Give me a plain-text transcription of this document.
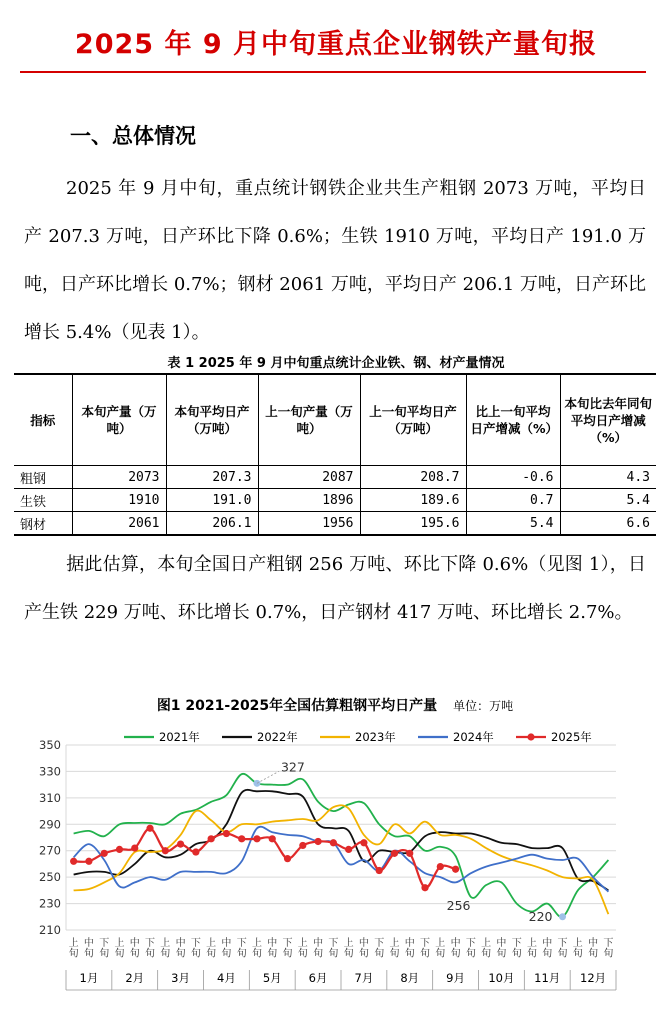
2025 年 9 月中旬重点企业钢铁产量旬报
一、总体情况

2025 年 9 月中旬，重点统计钢铁企业共生产粗钢 2073 万吨，平均日产 207.3 万吨，日产环比下降 0.6%；生铁 1910 万吨，平均日产 191.0 万吨，日产环比增长 0.7%；钢材 2061 万吨，平均日产 206.1 万吨，日产环比增长 5.4%（见表 1）。

表 1 2025 年 9 月中旬重点统计企业铁、钢、材产量情况
指标	本旬产量（万吨）	本旬平均日产（万吨）	上一旬产量（万吨）	上一旬平均日产（万吨）	比上一旬平均日产增减（%）	本旬比去年同旬平均日产增减（%）
粗钢	2073	207.3	2087	208.7	-0.6	4.3
生铁	1910	191.0	1896	189.6	0.7	5.4
钢材	2061	206.1	1956	195.6	5.4	6.6

据此估算，本旬全国日产粗钢 256 万吨、环比下降 0.6%（见图 1），日产生铁 229 万吨、环比增长 0.7%，日产钢材 417 万吨、环比增长 2.7%。

图1 2021-2025年全国估算粗钢平均日产量 单位：万吨
210
230
250
270
290
310
330
350
上旬
中旬
下旬
上旬
中旬
下旬
上旬
中旬
下旬
上旬
中旬
下旬
上旬
中旬
下旬
上旬
中旬
下旬
上旬
中旬
下旬
上旬
中旬
下旬
上旬
中旬
下旬
上旬
中旬
下旬
上旬
中旬
下旬
上旬
中旬
下旬
1月 2月 3月 4月 5月 6月 7月 8月 9月 10月 11月 12月
327
256
220
2021年	2022年	2023年	2024年	2025年
